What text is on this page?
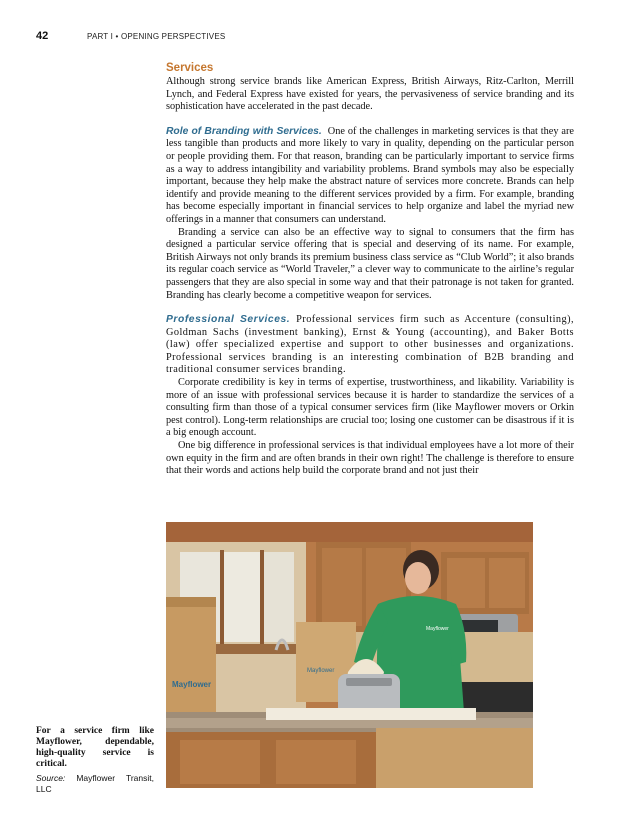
42	PART I • OPENING PERSPECTIVES
Services

Although strong service brands like American Express, British Airways, Ritz-Carlton, Merrill Lynch, and Federal Express have existed for years, the pervasiveness of service branding and its sophistication have accelerated in the past decade.

Role of Branding with Services. One of the challenges in marketing services is that they are less tangible than products and more likely to vary in quality, depending on the particular person or people providing them. For that reason, branding can be particularly important to service firms as a way to address intangibility and variability problems. Brand symbols may also be especially important, because they help make the abstract nature of services more concrete. Brands can help identify and provide meaning to the different services provided by a firm. For example, branding has become especially important in financial services to help organize and label the myriad new offerings in a manner that consumers can understand.

Branding a service can also be an effective way to signal to consumers that the firm has designed a particular service offering that is special and deserving of its name. For example, British Airways not only brands its premium business class service as “Club World”; it also brands its regular coach service as “World Traveler,” a clever way to communicate to the airline’s regular passengers that they are also special in some way and that their patronage is not taken for granted. Branding has clearly become a competitive weapon for services.

Professional Services. Professional services firm such as Accenture (consulting), Goldman Sachs (investment banking), Ernst & Young (accounting), and Baker Botts (law) offer specialized expertise and support to other businesses and organizations. Professional services branding is an interesting combination of B2B branding and traditional consumer services branding.

Corporate credibility is key in terms of expertise, trustworthiness, and likability. Variability is more of an issue with professional services because it is harder to standardize the services of a consulting firm than those of a typical consumer services firm (like Mayflower movers or Orkin pest control). Long-term relationships are crucial too; losing one customer can be disastrous if it is a big enough account.

One big difference in professional services is that individual employees have a lot more of their own equity in the firm and are often brands in their own right! The challenge is therefore to ensure that their words and actions help build the corporate brand and not just their

Mayflower
Mayflower
Mayflower

For a service firm like Mayflower, dependable, high-quality service is critical.

Source: Mayflower Transit, LLC
